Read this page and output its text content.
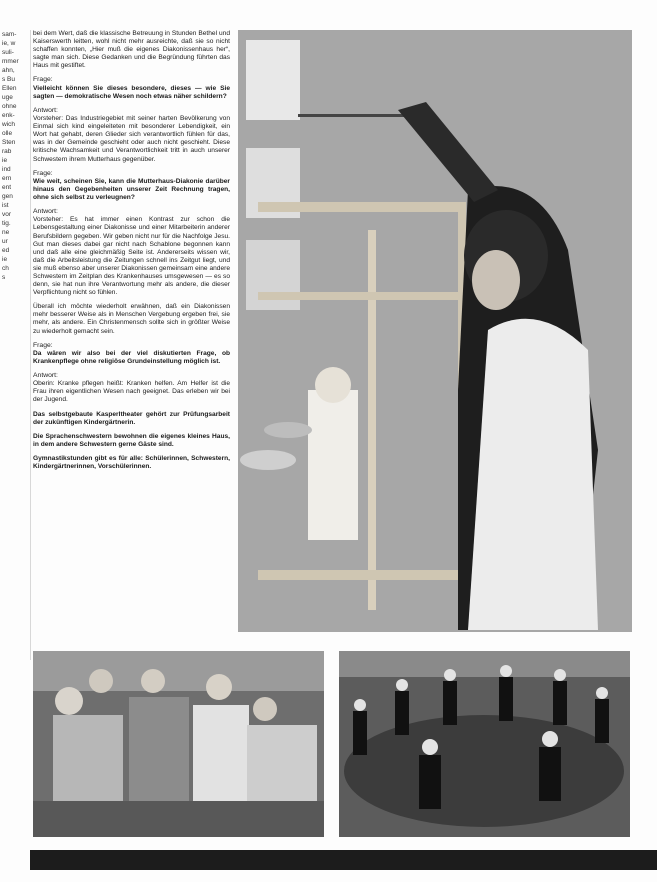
sam-
ie, w
suli-
mmer
ahn,
s Bu
Ellen
uge
ohne
enk-
wich
olle
Sten
rab
ie
ind
ern
ent
gen
ist
vor
tig.
ne
ur
ed
ie
ch
s

bei dem Wert, daß die klassische Betreuung in Stunden Bethel und Kaiserswerth leitten, wohl nicht mehr ausreichte, daß sie so nicht schaffen konnten, „Hier muß die eigenes Diakonissenhaus her“, sagte man sich. Diese Gedanken und die Begründung führten das Haus mit gestiftet.

Frage:

Vielleicht können Sie dieses besondere, dieses — wie Sie sagten — demokratische Wesen noch etwas näher schildern?

Antwort:

Vorsteher: Das Industriegebiet mit seiner harten Bevölkerung von Einmal sich kind eingeleiteten mit besonderer Lebendigkeit, ein Wort hat gehabt, deren Glieder sich verantwortlich fühlen für das, was in der Gemeinde geschieht oder auch nicht geschieht. Diese kritische Wachsamkeit und Verantwortlichkeit tritt in auch unserer Schwestern ihrem Mutterhaus gegenüber.

Frage:

Wie weit, scheinen Sie, kann die Mutterhaus-Diakonie darüber hinaus den Gegebenheiten unserer Zeit Rechnung tragen, ohne sich selbst zu verleugnen?

Antwort:

Vorsteher: Es hat immer einen Kontrast zur schon die Lebensgestaltung einer Diakonisse und einer Mitarbeiterin anderer Berufsbildern gegeben. Wir geben nicht nur für die Nachfolge Jesu. Gut man dieses dabei gar nicht nach Schablone begonnen kann und daß alle eine gleichmäßig Seite ist. Andererseits wissen wir, daß die Arbeitsleistung die Zeitungen schnell ins Zeitgut liegt, und sie muß ebenso aber unserer Diakonissen gemeinsam eine andere Schwestern im Zeitplan des Krankenhauses umsgewesen — es so denn, sie hat nun ihre Verantwortung mehr als andere, die dieser Verpflichtung nicht so fühlen.

Überall ich möchte wiederholt erwähnen, daß ein Diakonissen mehr besserer Weise als in Menschen Vergebung ergeben frei, sie mehr, als andere. Ein Christenmensch sollte sich in größter Weise zu wiederholt gemacht sein.

Frage:

Da wären wir also bei der viel diskutierten Frage, ob Krankenpflege ohne religiöse Grundeinstellung möglich ist.

Antwort:

Oberin: Kranke pflegen heißt: Kranken helfen. Am Helfer ist die Frau ihren eigentlichen Wesen nach geeignet. Das erleben wir bei der Jugend.

Das selbstgebaute Kasperltheater gehört zur Prüfungsarbeit der zukünftigen Kindergärtnerin.

Die Sprachenschwestern bewohnen die eigenes kleines Haus, in dem andere Schwestern gerne Gäste sind.

Gymnastikstunden gibt es für alle: Schülerinnen, Schwestern, Kindergärtnerinnen, Vorschülerinnen.
